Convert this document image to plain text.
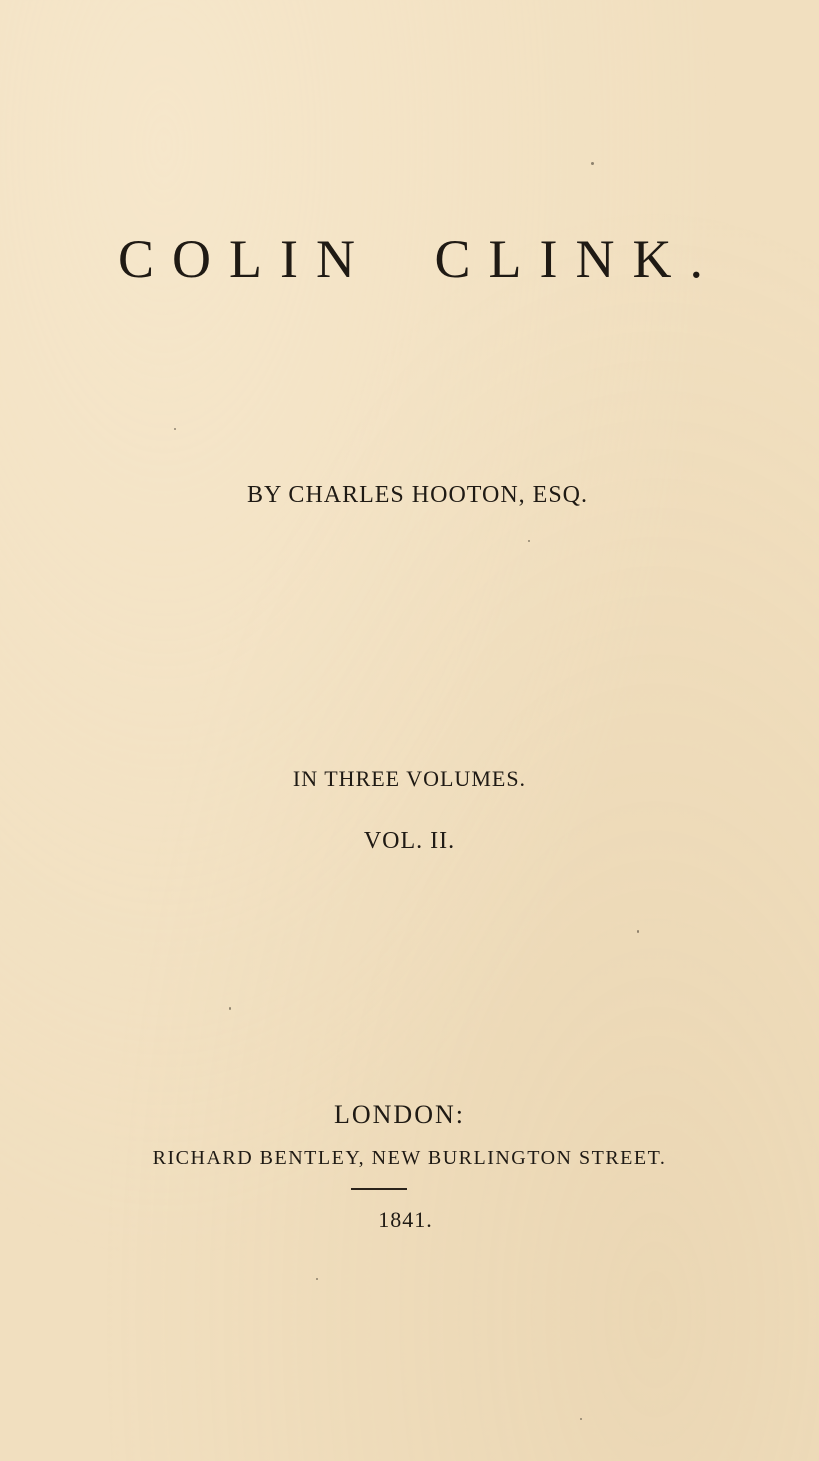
COLIN CLINK.
BY CHARLES HOOTON, ESQ.
IN THREE VOLUMES.
VOL. II.
LONDON:
RICHARD BENTLEY, NEW BURLINGTON STREET.
1841.
